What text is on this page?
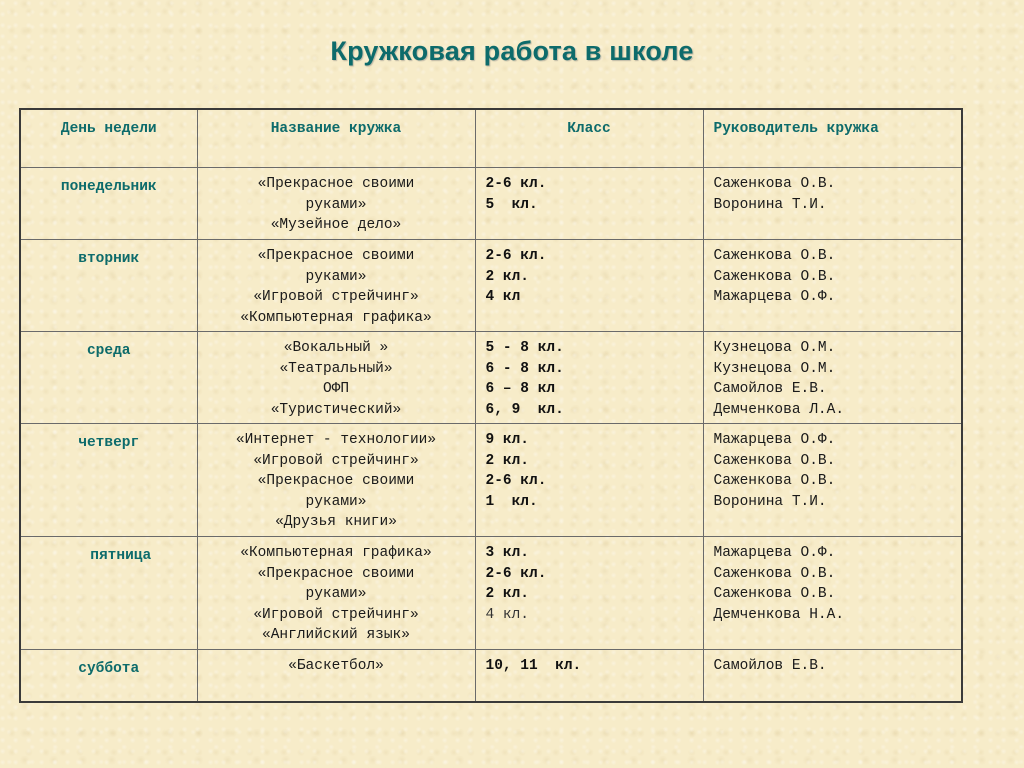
Кружковая работа в школе
День недели	Название кружка	Класс	Руководитель кружка
понедельник	«Прекрасное своими
руками»
«Музейное дело»	2-6 кл.
5  кл.	Саженкова О.В.
Воронина Т.И.

вторник	«Прекрасное своими
руками»
«Игровой стрейчинг»
«Компьютерная графика»	2-6 кл.
2 кл.
4 кл	Саженкова О.В.
Саженкова О.В.
Мажарцева О.Ф.

среда	«Вокальный »
«Театральный»
ОФП
«Туристический»	5 - 8 кл.
6 - 8 кл.
6 – 8 кл
6, 9  кл.	Кузнецова О.М.
Кузнецова О.М.
Самойлов Е.В.
Демченкова Л.А.

четверг	«Интернет - технологии»
«Игровой стрейчинг»
«Прекрасное своими
руками»
«Друзья книги»	9 кл.
2 кл.
2-6 кл.
1  кл.	Мажарцева О.Ф.
Саженкова О.В.
Саженкова О.В.
Воронина Т.И.

пятница	«Компьютерная графика»
«Прекрасное своими
руками»
«Игровой стрейчинг»
«Английский язык»	3 кл.
2-6 кл.
2 кл.
4 кл.	Мажарцева О.Ф.
Саженкова О.В.
Саженкова О.В.
Демченкова Н.А.

суббота	«Баскетбол»	10, 11  кл.	Самойлов Е.В.
